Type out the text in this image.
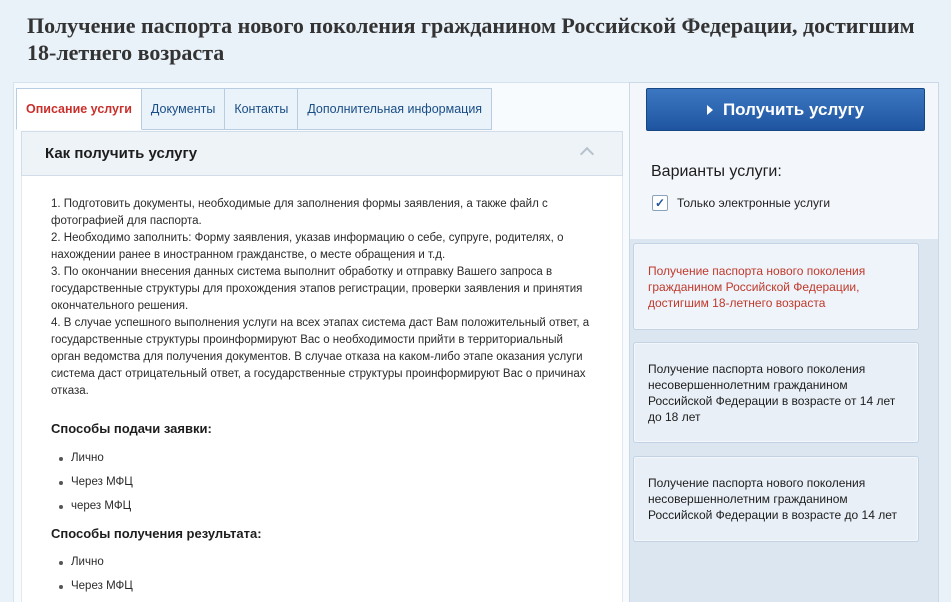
Получение паспорта нового поколения гражданином Российской Федерации, достигшим 18-летнего возраста
Описание услуги	Документы	Контакты	Дополнительная информация
Как получить услугу

1. Подготовить документы, необходимые для заполнения формы заявления, а также файл с фотографией для паспорта.

2. Необходимо заполнить: Форму заявления, указав информацию о себе, супруге, родителях, о нахождении ранее в иностранном гражданстве, о месте обращения и т.д.

3. По окончании внесения данных система выполнит обработку и отправку Вашего запроса в государственные структуры для прохождения этапов регистрации, проверки заявления и принятия окончательного решения.

4. В случае успешного выполнения услуги на всех этапах система даст Вам положительный ответ, а государственные структуры проинформируют Вас о необходимости прийти в территориальный орган ведомства для получения документов. В случае отказа на каком-либо этапе оказания услуги система даст отрицательный ответ, а государственные структуры проинформируют Вас о причинах отказа.

Способы подачи заявки:
Лично
Через МФЦ
через МФЦ
Способы получения результата:
Лично
Через МФЦ
Получить услугу
Варианты услуги:
✓ Только электронные услуги
Получение паспорта нового поколения гражданином Российской Федерации, достигшим 18-летнего возраста
Получение паспорта нового поколения несовершеннолетним гражданином Российской Федерации в возрасте от 14 лет до 18 лет
Получение паспорта нового поколения несовершеннолетним гражданином Российской Федерации в возрасте до 14 лет
